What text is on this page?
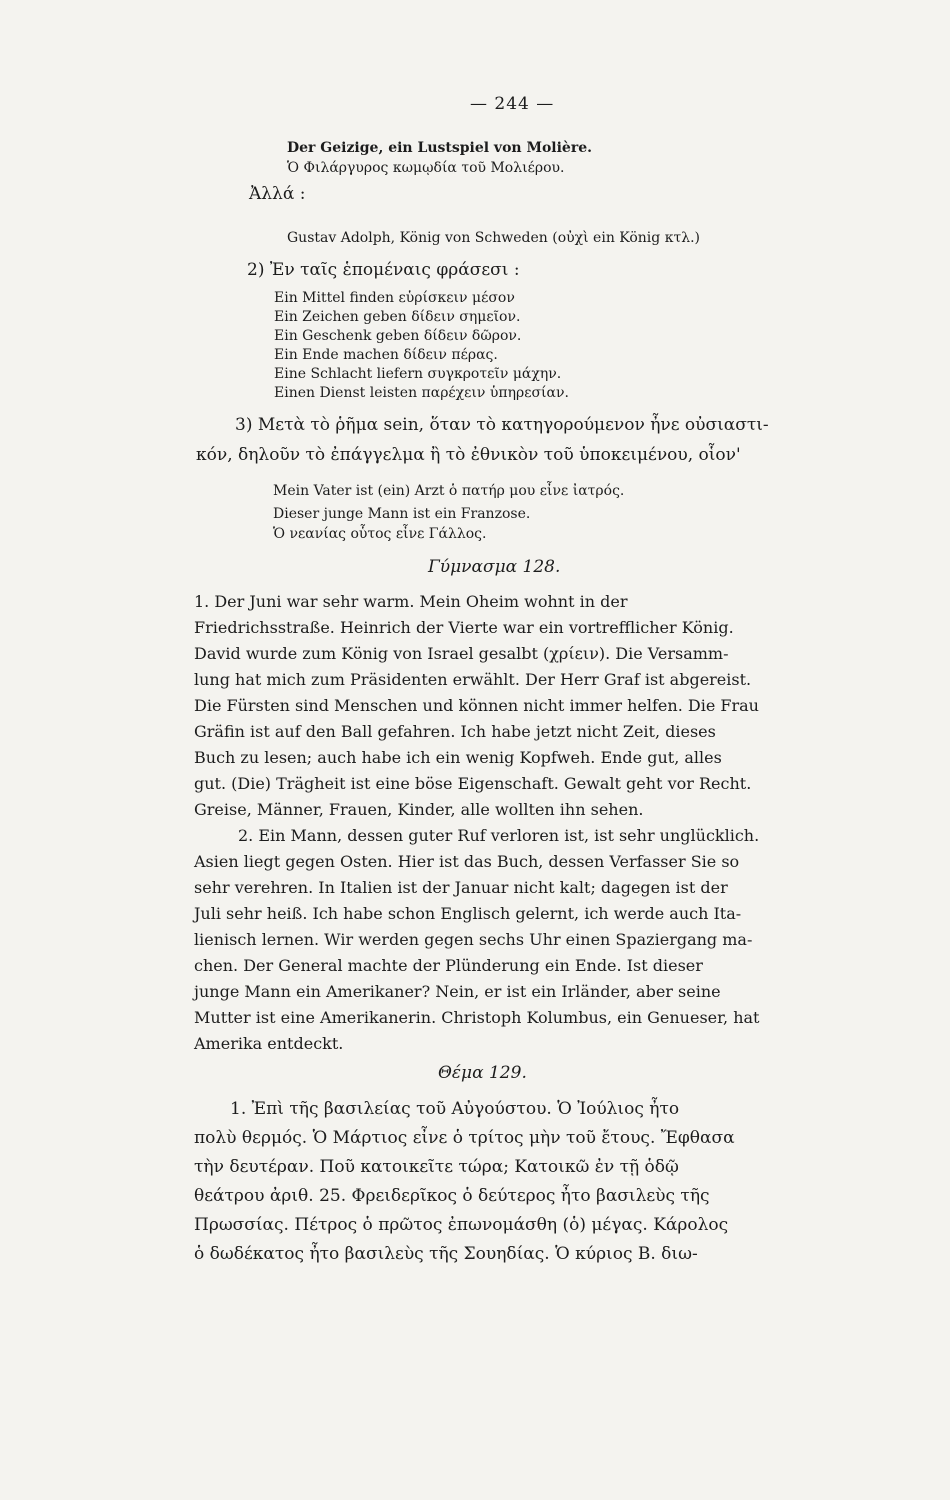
— 244 —
Der Geizige, ein Lustspiel von Molière.
Ὁ Φιλάργυρος κωμῳδία τοῦ Μολιέρου.
Ἀλλά :
Gustav Adolph, König von Schweden (οὐχὶ ein König κτλ.)
2) Ἐν ταῖς ἑπομέναις φράσεσι :
Ein Mittel finden εὑρίσκειν μέσον
Ein Zeichen geben δίδειν σημεῖον.
Ein Geschenk geben δίδειν δῶρον.
Ein Ende machen δίδειν πέρας.
Eine Schlacht liefern συγκροτεῖν μάχην.
Einen Dienst leisten παρέχειν ὑπηρεσίαν.
3) Μετὰ τὸ ῥῆμα sein, ὅταν τὸ κατηγορούμενον ἦνε οὐσιαστι-
κόν, δηλοῦν τὸ ἐπάγγελμα ἢ τὸ ἐθνικὸν τοῦ ὑποκειμένου, οἷον'
Mein Vater ist (ein) Arzt ὁ πατήρ μου εἶνε ἰατρός.
Dieser junge Mann ist ein Franzose.
Ὁ νεανίας οὗτος εἶνε Γάλλος.
Γύμνασμα 128.
1. Der Juni war sehr warm. Mein Oheim wohnt in der
Friedrichsstraße. Heinrich der Vierte war ein vortrefflicher König.
David wurde zum König von Israel gesalbt (χρίειν). Die Versamm-
lung hat mich zum Präsidenten erwählt. Der Herr Graf ist abgereist.
Die Fürsten sind Menschen und können nicht immer helfen. Die Frau
Gräfin ist auf den Ball gefahren. Ich habe jetzt nicht Zeit, dieses
Buch zu lesen; auch habe ich ein wenig Kopfweh. Ende gut, alles
gut. (Die) Trägheit ist eine böse Eigenschaft. Gewalt geht vor Recht.
Greise, Männer, Frauen, Kinder, alle wollten ihn sehen.
2. Ein Mann, dessen guter Ruf verloren ist, ist sehr unglücklich.
Asien liegt gegen Osten. Hier ist das Buch, dessen Verfasser Sie so
sehr verehren. In Italien ist der Januar nicht kalt; dagegen ist der
Juli sehr heiß. Ich habe schon Englisch gelernt, ich werde auch Ita-
lienisch lernen. Wir werden gegen sechs Uhr einen Spaziergang ma-
chen. Der General machte der Plünderung ein Ende. Ist dieser
junge Mann ein Amerikaner? Nein, er ist ein Irländer, aber seine
Mutter ist eine Amerikanerin. Christoph Kolumbus, ein Genueser, hat
Amerika entdeckt.
Θέμα 129.
1. Ἐπὶ τῆς βασιλείας τοῦ Αὐγούστου. Ὁ Ἰούλιος ἦτο
πολὺ θερμός. Ὁ Μάρτιος εἶνε ὁ τρίτος μὴν τοῦ ἔτους. Ἔφθασα
τὴν δευτέραν. Ποῦ κατοικεῖτε τώρα; Κατοικῶ ἐν τῇ ὁδῷ
θεάτρου ἀριθ. 25. Φρειδερῖκος ὁ δεύτερος ἦτο βασιλεὺς τῆς
Πρωσσίας. Πέτρος ὁ πρῶτος ἐπωνομάσθη (ὁ) μέγας. Κάρολος
ὁ δωδέκατος ἦτο βασιλεὺς τῆς Σουηδίας. Ὁ κύριος Β. διω-
